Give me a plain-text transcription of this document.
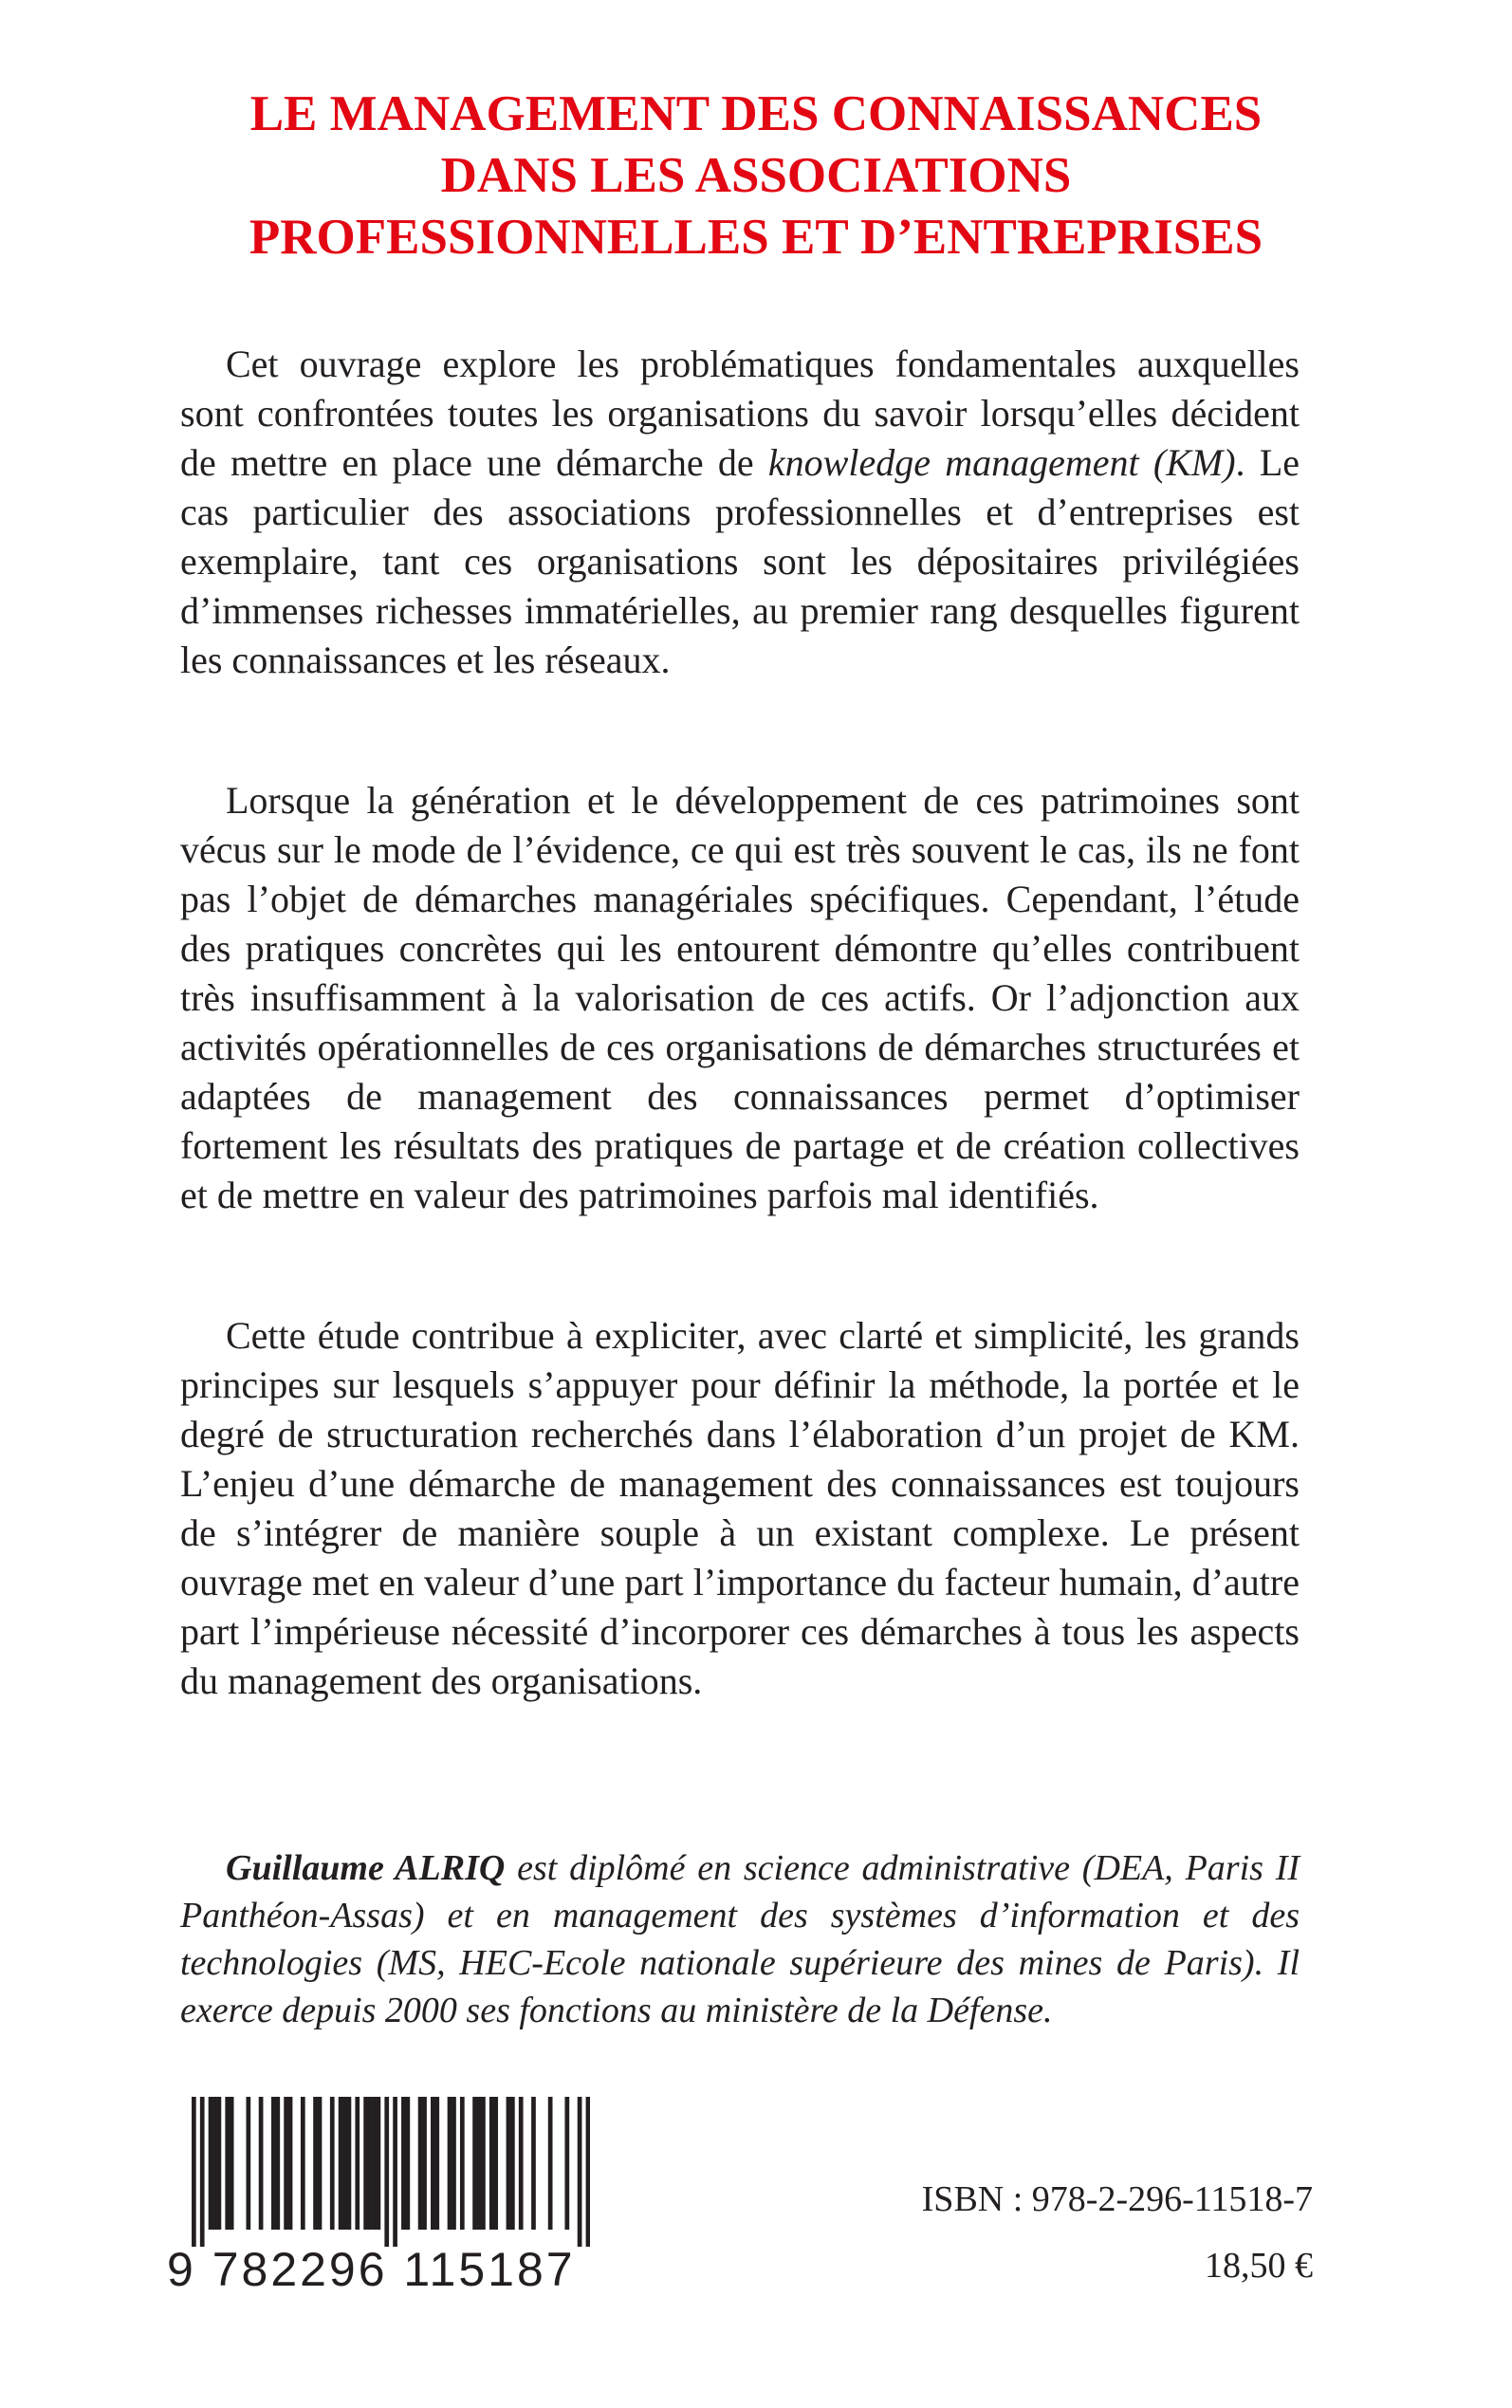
LE MANAGEMENT DES CONNAISSANCES
DANS LES ASSOCIATIONS
PROFESSIONNELLES ET D’ENTREPRISES

Cet ouvrage explore les problématiques fondamentales auxquelles sont confrontées toutes les organisations du savoir lorsqu’elles décident de mettre en place une démarche de knowledge management (KM). Le cas particulier des associations professionnelles et d’entreprises est exemplaire, tant ces organisations sont les dépositaires privilégiées d’immenses richesses immatérielles, au premier rang desquelles figurent les connaissances et les réseaux.

Lorsque la génération et le développement de ces patrimoines sont vécus sur le mode de l’évidence, ce qui est très souvent le cas, ils ne font pas l’objet de démarches managériales spécifiques. Cependant, l’étude des pratiques concrètes qui les entourent démontre qu’elles contribuent très insuffisamment à la valorisation de ces actifs. Or l’adjonction aux activités opérationnelles de ces organisations de démarches structurées et adaptées de management des connaissances permet d’optimiser fortement les résultats des pratiques de partage et de création collectives et de mettre en valeur des patrimoines parfois mal identifiés.

Cette étude contribue à expliciter, avec clarté et simplicité, les grands principes sur lesquels s’appuyer pour définir la méthode, la portée et le degré de structuration recherchés dans l’élaboration d’un projet de KM. L’enjeu d’une démarche de management des connaissances est toujours de s’intégrer de manière souple à un existant complexe. Le présent ouvrage met en valeur d’une part l’importance du facteur humain, d’autre part l’impérieuse nécessité d’incorporer ces démarches à tous les aspects du management des organisations.

Guillaume ALRIQ est diplômé en science administrative (DEA, Paris II Panthéon-Assas) et en management des systèmes d’information et des technologies (MS, HEC-Ecole nationale supérieure des mines de Paris). Il exerce depuis 2000 ses fonctions au ministère de la Défense.

9 782296 115187

ISBN : 978-2-296-11518-7

18,50 €
